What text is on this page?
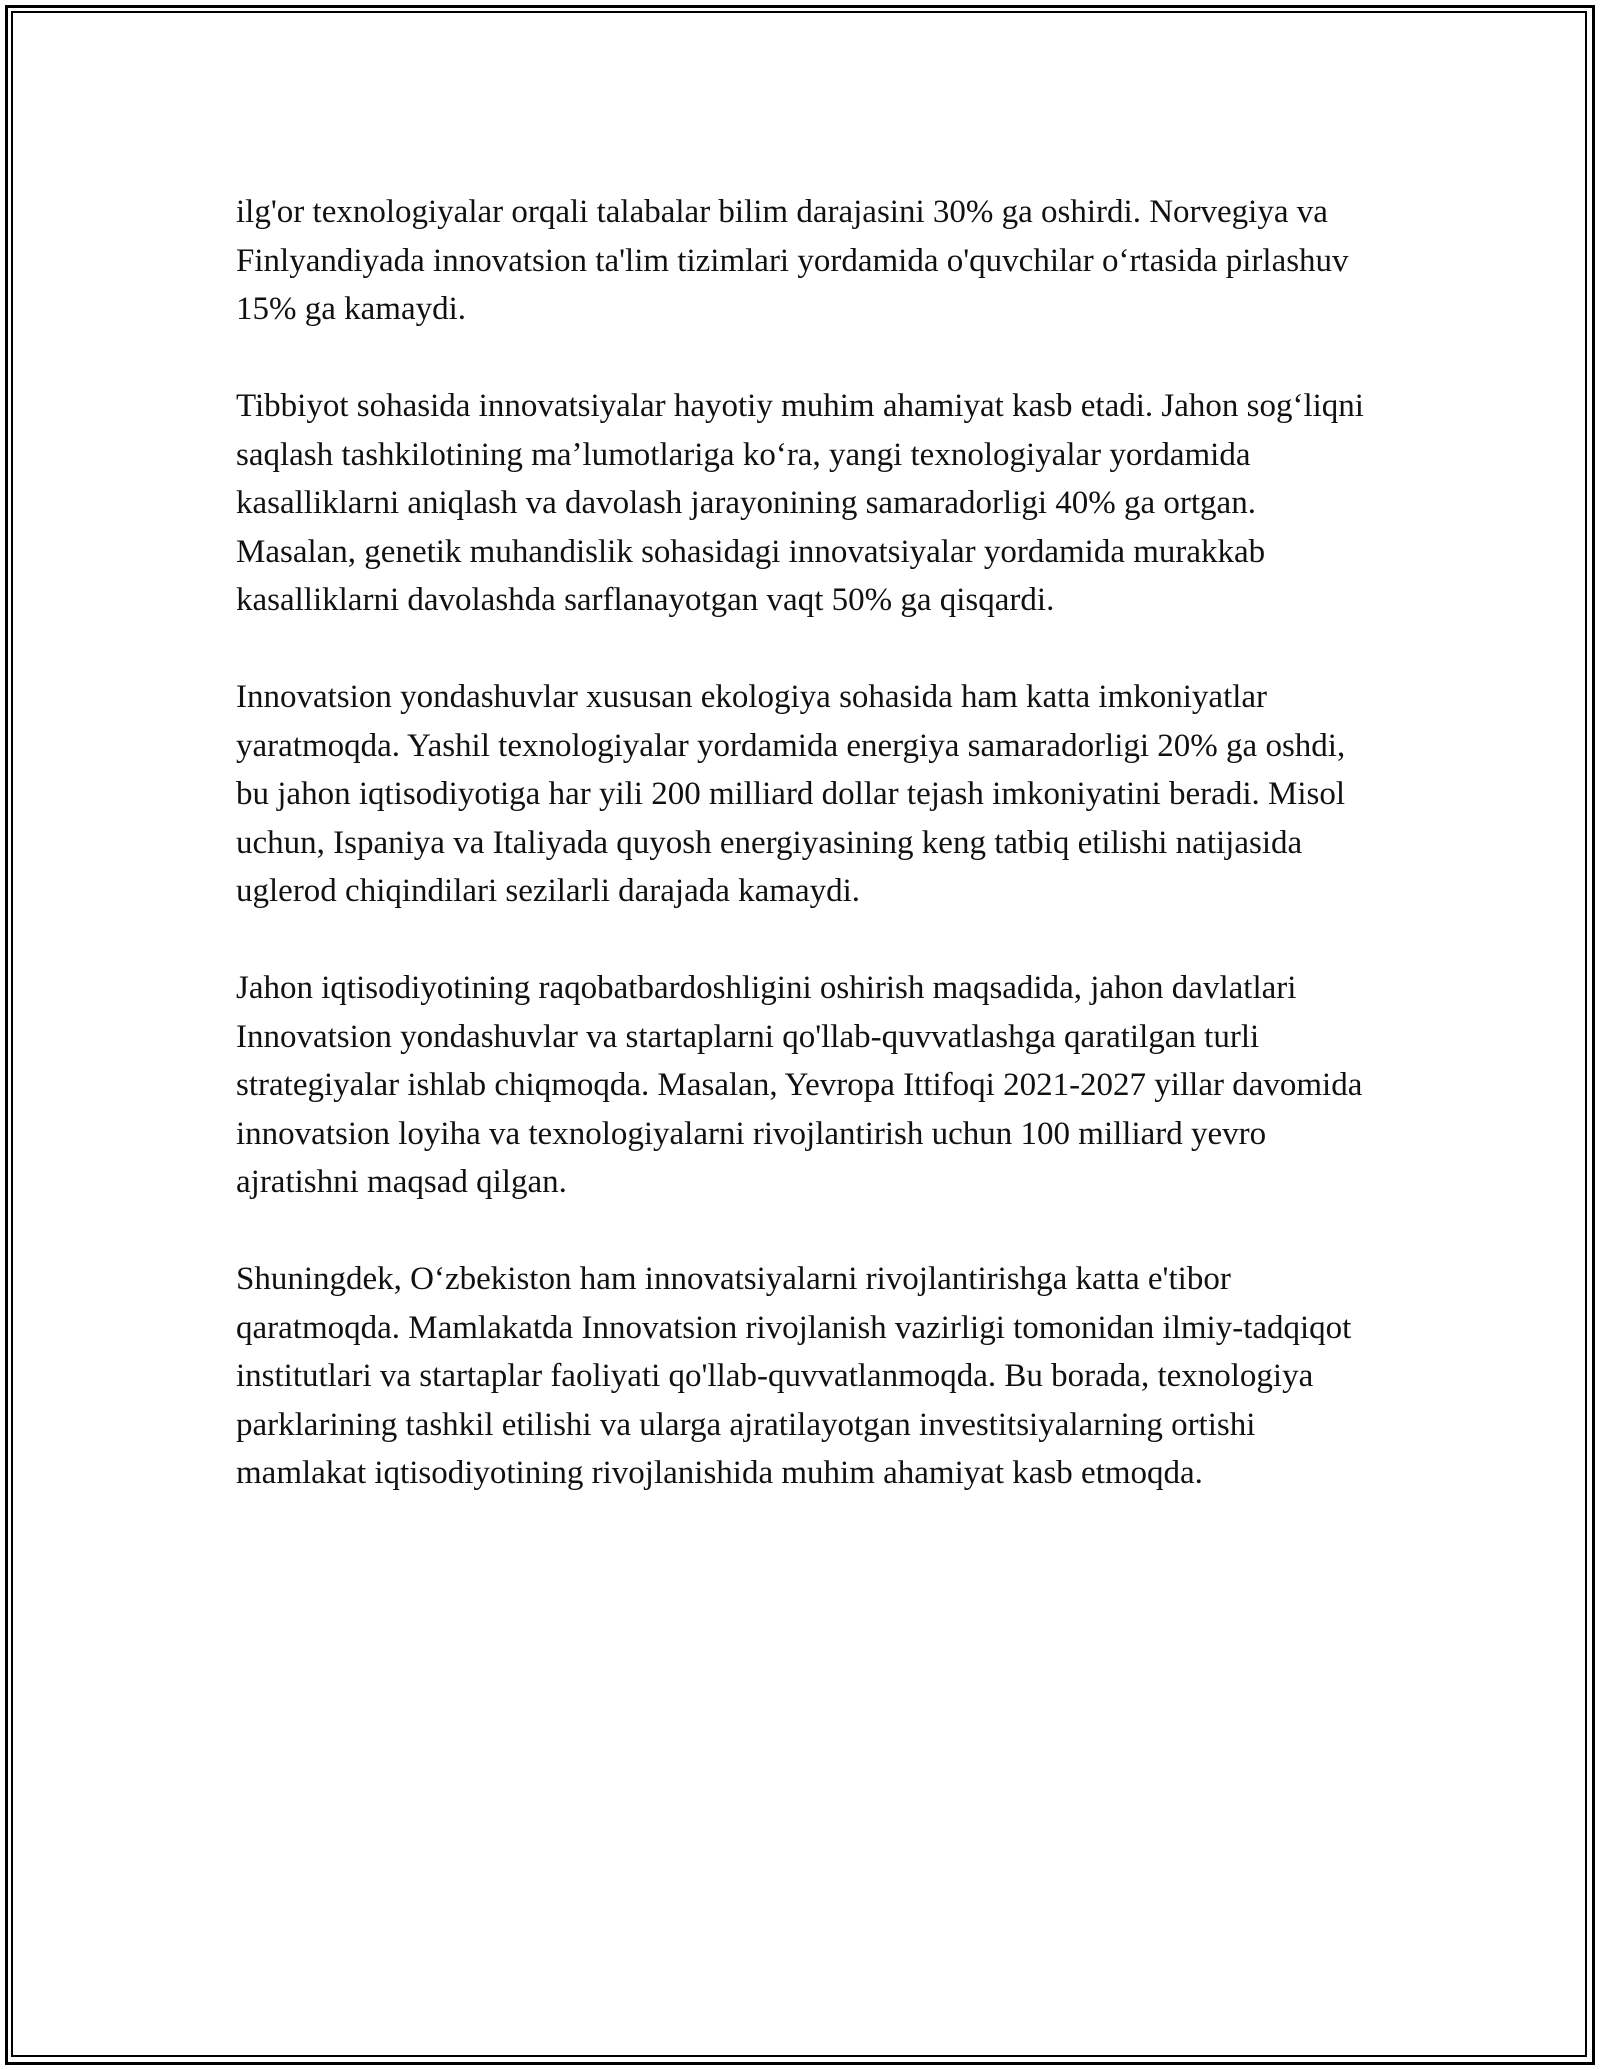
ilg'or texnologiyalar orqali talabalar bilim darajasini 30% ga oshirdi. Norvegiya va Finlyandiyada innovatsion ta'lim tizimlari yordamida o'quvchilar oʻrtasida pirlashuv 15% ga kamaydi.

Tibbiyot sohasida innovatsiyalar hayotiy muhim ahamiyat kasb etadi. Jahon sogʻliqni saqlash tashkilotining maʼlumotlariga koʻra, yangi texnologiyalar yordamida kasalliklarni aniqlash va davolash jarayonining samaradorligi 40% ga ortgan. Masalan, genetik muhandislik sohasidagi innovatsiyalar yordamida murakkab kasalliklarni davolashda sarflanayotgan vaqt 50% ga qisqardi.

Innovatsion yondashuvlar xususan ekologiya sohasida ham katta imkoniyatlar yaratmoqda. Yashil texnologiyalar yordamida energiya samaradorligi 20% ga oshdi, bu jahon iqtisodiyotiga har yili 200 milliard dollar tejash imkoniyatini beradi. Misol uchun, Ispaniya va Italiyada quyosh energiyasining keng tatbiq etilishi natijasida uglerod chiqindilari sezilarli darajada kamaydi.

Jahon iqtisodiyotining raqobatbardoshligini oshirish maqsadida, jahon davlatlari Innovatsion yondashuvlar va startaplarni qo'llab-quvvatlashga qaratilgan turli strategiyalar ishlab chiqmoqda. Masalan, Yevropa Ittifoqi 2021-2027 yillar davomida innovatsion loyiha va texnologiyalarni rivojlantirish uchun 100 milliard yevro ajratishni maqsad qilgan.

Shuningdek, Oʻzbekiston ham innovatsiyalarni rivojlantirishga katta e'tibor qaratmoqda. Mamlakatda Innovatsion rivojlanish vazirligi tomonidan ilmiy-tadqiqot institutlari va startaplar faoliyati qo'llab-quvvatlanmoqda. Bu borada, texnologiya parklarining tashkil etilishi va ularga ajratilayotgan investitsiyalarning ortishi mamlakat iqtisodiyotining rivojlanishida muhim ahamiyat kasb etmoqda.
